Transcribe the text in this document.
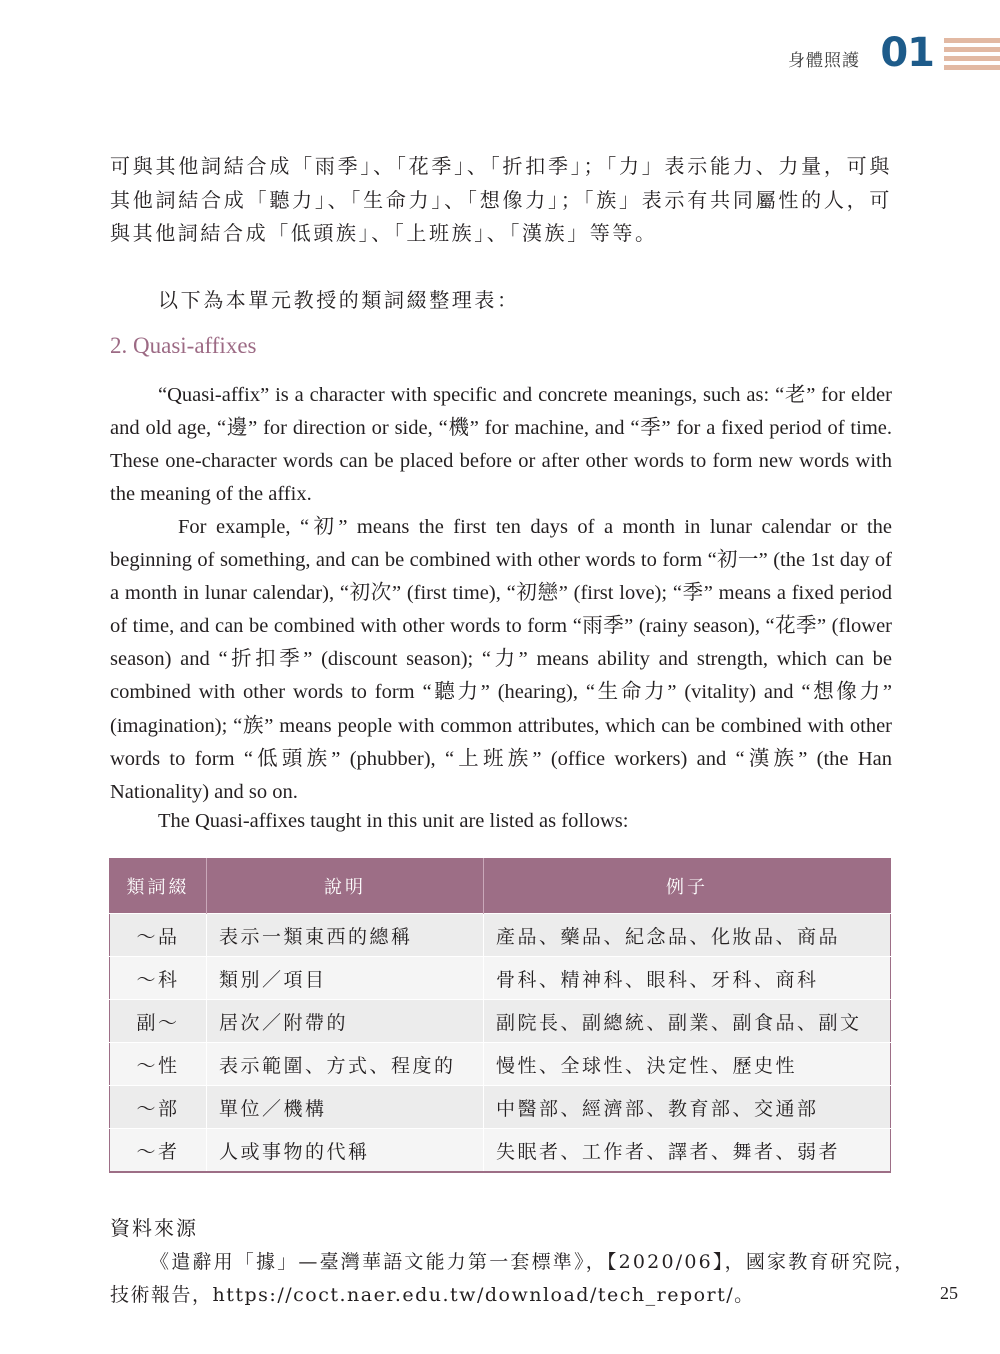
身體照護 01
可與其他詞結合成「雨季」、「花季」、「折扣季」；「力」表示能力、力量，可與其他詞結合成「聽力」、「生命力」、「想像力」；「族」表示有共同屬性的人，可與其他詞結合成「低頭族」、「上班族」、「漢族」等等。
以下為本單元教授的類詞綴整理表：
2. Quasi-affixes
“Quasi-affix” is a character with specific and concrete meanings, such as: “老” for elder and old age, “邊” for direction or side, “機” for machine, and “季” for a fixed period of time. These one-character words can be placed before or after other words to form new words with the meaning of the affix.
For example, “初” means the first ten days of a month in lunar calendar or the beginning of something, and can be combined with other words to form “初一” (the 1st day of a month in lunar calendar), “初次” (first time), “初戀” (first love); “季” means a fixed period of time, and can be combined with other words to form “雨季” (rainy season), “花季” (flower season) and “折扣季” (discount season); “力” means ability and strength, which can be combined with other words to form “聽力” (hearing), “生命力” (vitality) and “想像力” (imagination); “族” means people with common attributes, which can be combined with other words to form “低頭族” (phubber), “上班族” (office workers) and “漢族” (the Han Nationality) and so on.
The Quasi-affixes taught in this unit are listed as follows:
類詞綴	說明	例子
～品	表示一類東西的總稱	產品、藥品、紀念品、化妝品、商品
～科	類別／項目	骨科、精神科、眼科、牙科、商科
副～	居次／附帶的	副院長、副總統、副業、副食品、副文
～性	表示範圍、方式、程度的	慢性、全球性、決定性、歷史性
～部	單位／機構	中醫部、經濟部、教育部、交通部
～者	人或事物的代稱	失眠者、工作者、譯者、舞者、弱者
資料來源
《遣辭用「據」—臺灣華語文能力第一套標準》，【2020/06】，國家教育研究院，
技術報告，https://coct.naer.edu.tw/download/tech_report/。	25
